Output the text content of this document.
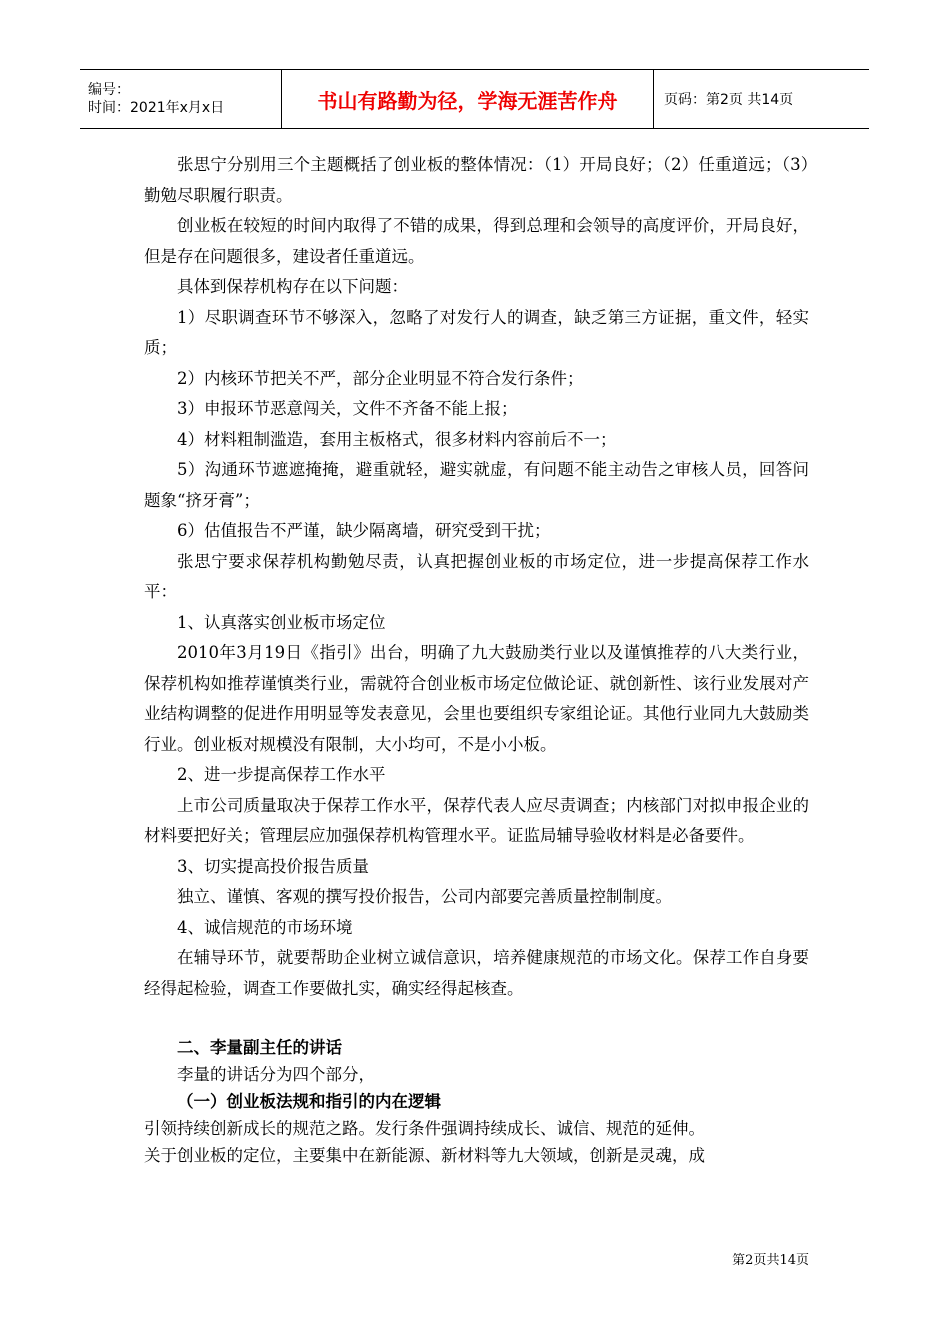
编号：
时间：2021年x月x日	书山有路勤为径，学海无涯苦作舟	页码：第2页 共14页

张思宁分别用三个主题概括了创业板的整体情况：（1）开局良好；（2）任重道远；（3）勤勉尽职履行职责。

创业板在较短的时间内取得了不错的成果，得到总理和会领导的高度评价，开局良好，但是存在问题很多，建设者任重道远。

具体到保荐机构存在以下问题：

1）尽职调查环节不够深入，忽略了对发行人的调查，缺乏第三方证据，重文件，轻实质；

2）内核环节把关不严，部分企业明显不符合发行条件；

3）申报环节恶意闯关，文件不齐备不能上报；

4）材料粗制滥造，套用主板格式，很多材料内容前后不一；

5）沟通环节遮遮掩掩，避重就轻，避实就虚，有问题不能主动告之审核人员，回答问题象“挤牙膏”；

6）估值报告不严谨，缺少隔离墙，研究受到干扰；

张思宁要求保荐机构勤勉尽责，认真把握创业板的市场定位，进一步提高保荐工作水平：

1、认真落实创业板市场定位

2010年3月19日《指引》出台，明确了九大鼓励类行业以及谨慎推荐的八大类行业，保荐机构如推荐谨慎类行业，需就符合创业板市场定位做论证、就创新性、该行业发展对产业结构调整的促进作用明显等发表意见，会里也要组织专家组论证。其他行业同九大鼓励类行业。创业板对规模没有限制，大小均可，不是小小板。

2、进一步提高保荐工作水平

上市公司质量取决于保荐工作水平，保荐代表人应尽责调查；内核部门对拟申报企业的材料要把好关；管理层应加强保荐机构管理水平。证监局辅导验收材料是必备要件。

3、切实提高投价报告质量

独立、谨慎、客观的撰写投价报告，公司内部要完善质量控制制度。

4、诚信规范的市场环境

在辅导环节，就要帮助企业树立诚信意识，培养健康规范的市场文化。保荐工作自身要经得起检验，调查工作要做扎实，确实经得起核查。

二、李量副主任的讲话

李量的讲话分为四个部分，

（一）创业板法规和指引的内在逻辑

引领持续创新成长的规范之路。发行条件强调持续成长、诚信、规范的延伸。

关于创业板的定位，主要集中在新能源、新材料等九大领域，创新是灵魂，成

第2页共14页
